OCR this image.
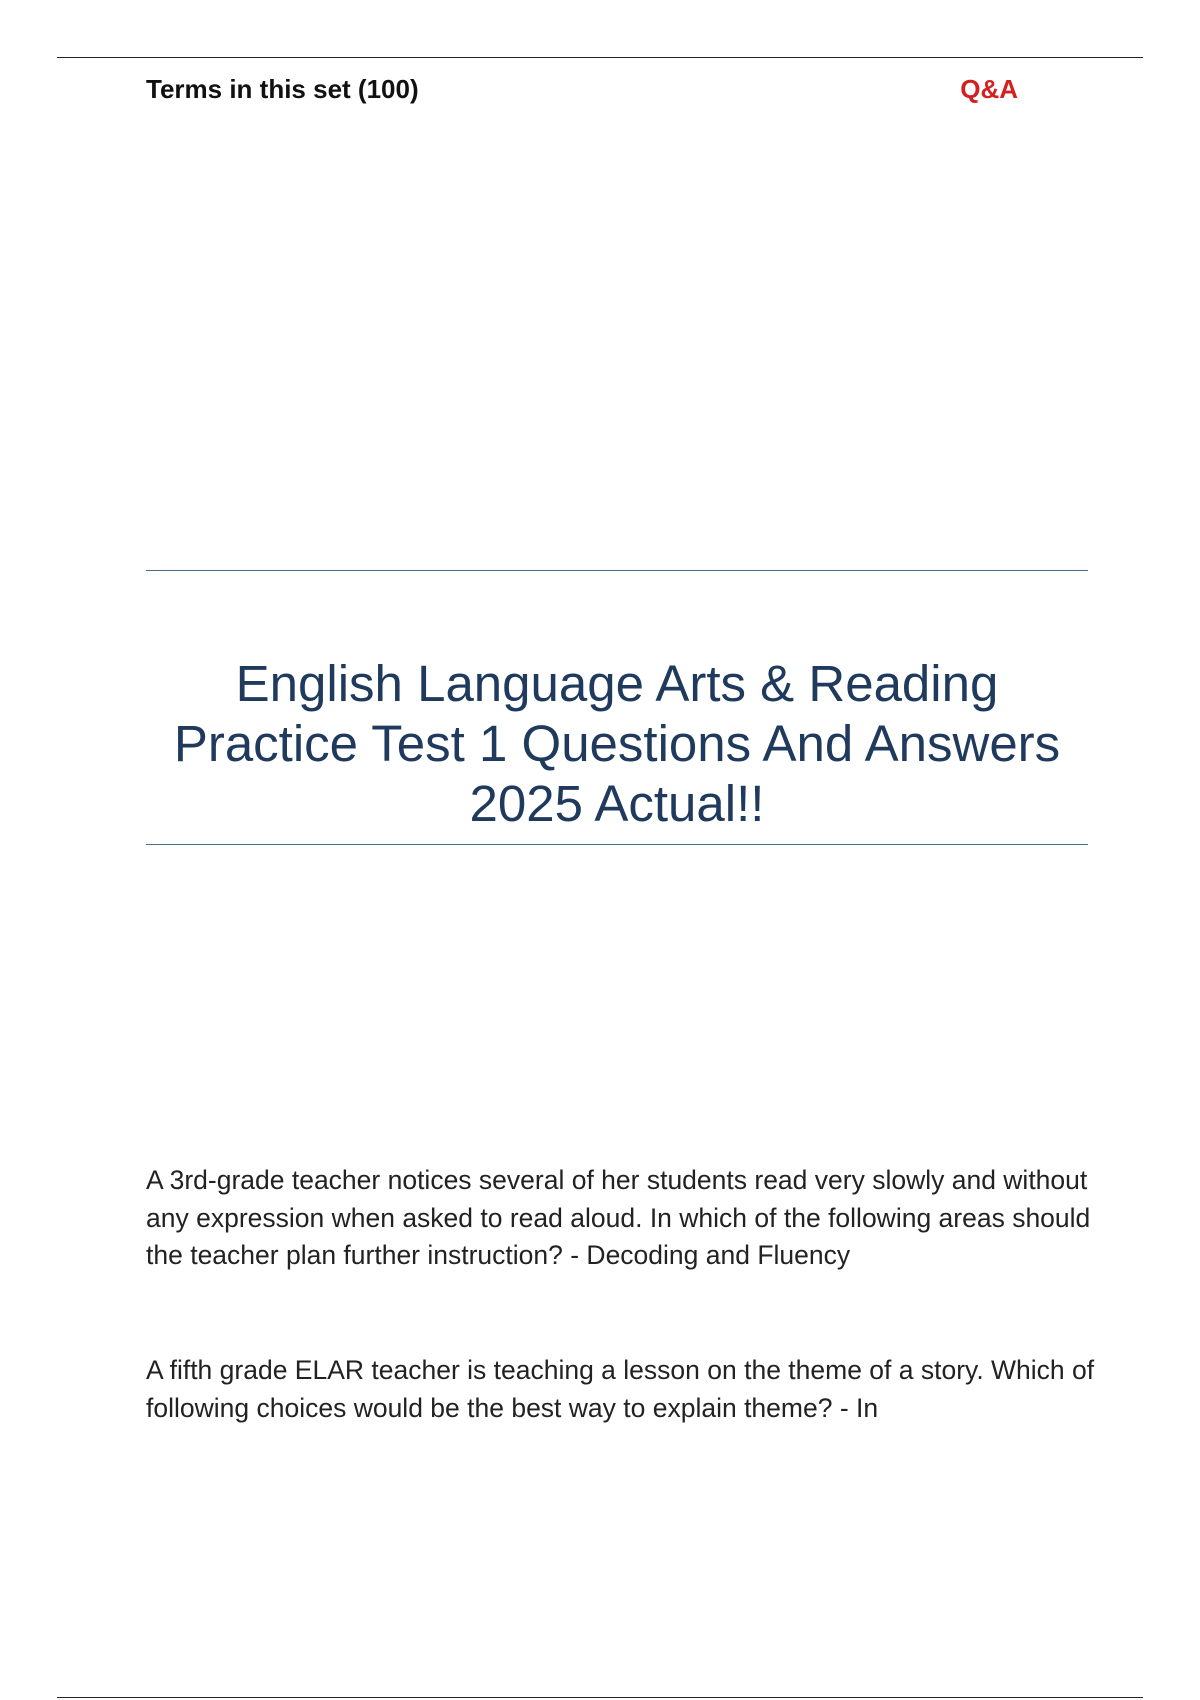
Terms in this set (100)	Q&A
English Language Arts & Reading Practice Test 1 Questions And Answers 2025 Actual!!

A 3rd-grade teacher notices several of her students read very slowly and without any expression when asked to read aloud. In which of the following areas should the teacher plan further instruction? - Decoding and Fluency

A fifth grade ELAR teacher is teaching a lesson on the theme of a story. Which of following choices would be the best way to explain theme? - In
